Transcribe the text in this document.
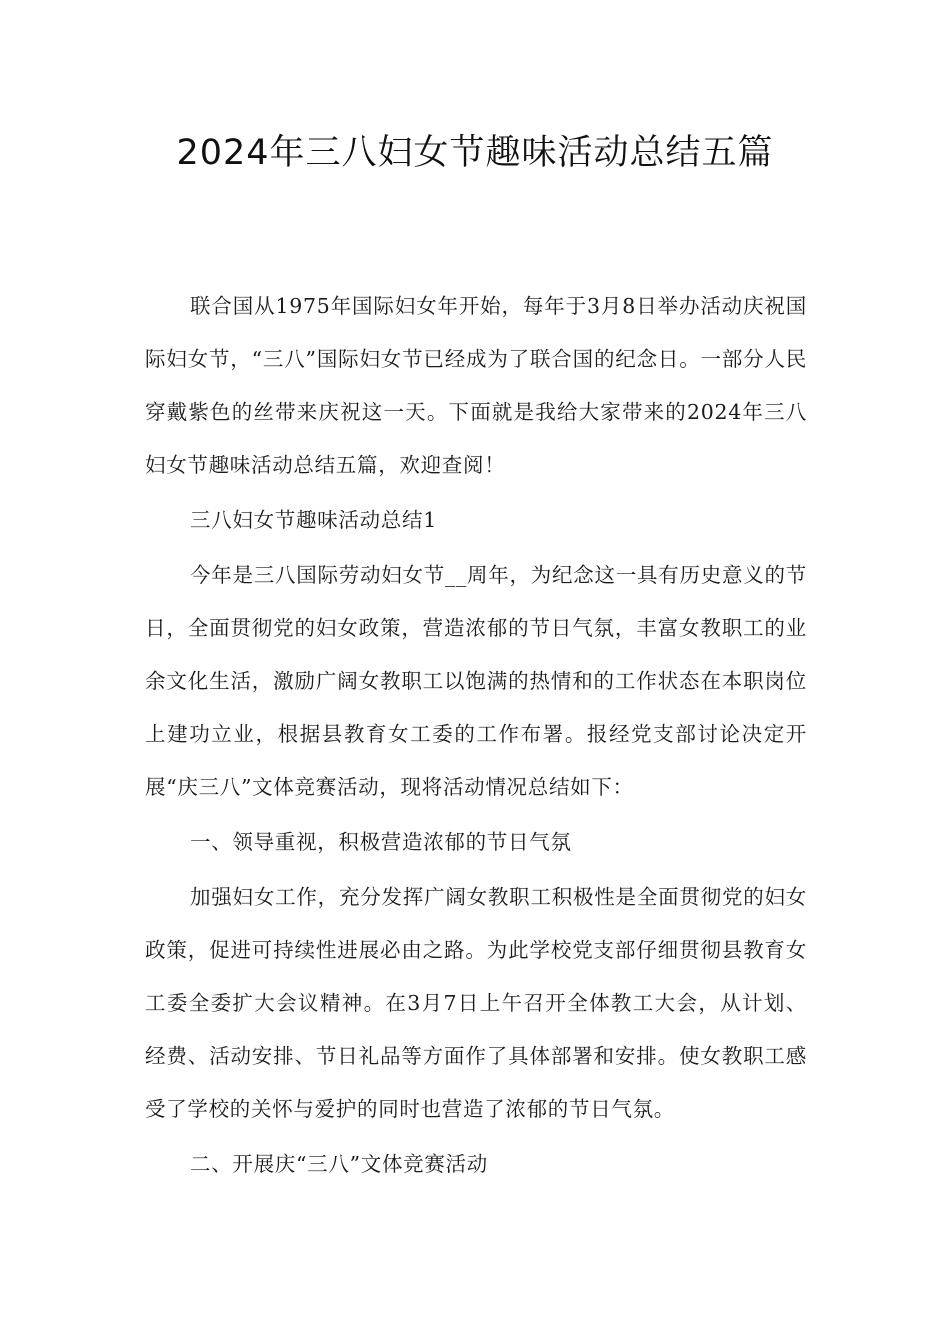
2024年三八妇女节趣味活动总结五篇

联合国从1975年国际妇女年开始，每年于3月8日举办活动庆祝国际妇女节，“三八”国际妇女节已经成为了联合国的纪念日。一部分人民穿戴紫色的丝带来庆祝这一天。下面就是我给大家带来的2024年三八妇女节趣味活动总结五篇，欢迎查阅！

三八妇女节趣味活动总结1

今年是三八国际劳动妇女节__周年，为纪念这一具有历史意义的节日，全面贯彻党的妇女政策，营造浓郁的节日气氛，丰富女教职工的业余文化生活，激励广阔女教职工以饱满的热情和的工作状态在本职岗位上建功立业，根据县教育女工委的工作布署。报经党支部讨论决定开展“庆三八”文体竞赛活动，现将活动情况总结如下：

一、领导重视，积极营造浓郁的节日气氛

加强妇女工作，充分发挥广阔女教职工积极性是全面贯彻党的妇女政策，促进可持续性进展必由之路。为此学校党支部仔细贯彻县教育女工委全委扩大会议精神。在3月7日上午召开全体教工大会，从计划、经费、活动安排、节日礼品等方面作了具体部署和安排。使女教职工感受了学校的关怀与爱护的同时也营造了浓郁的节日气氛。

二、开展庆“三八”文体竞赛活动
